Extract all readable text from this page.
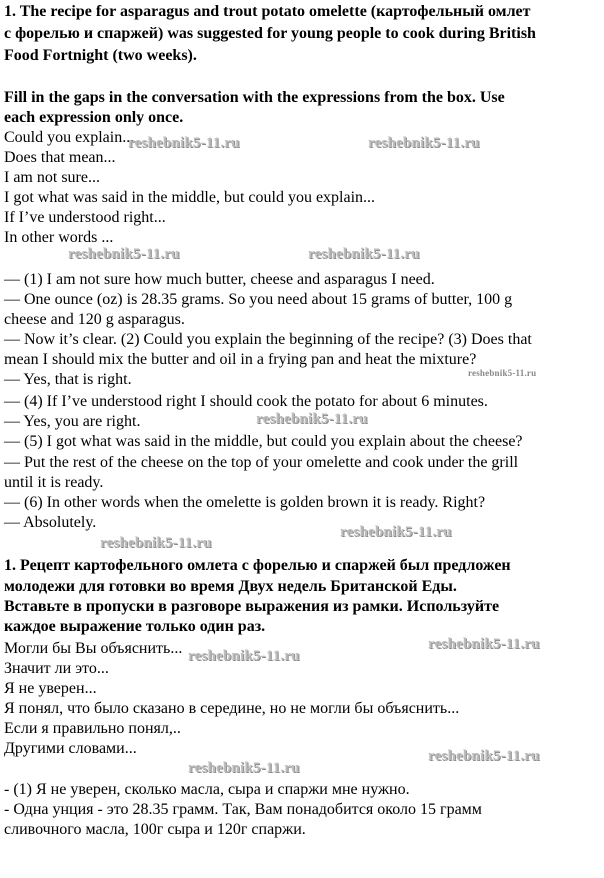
1. The recipe for asparagus and trout potato omelette (картофельный омлет
с форелью и спаржей) was suggested for young people to cook during British
Food Fortnight (two weeks).
Fill in the gaps in the conversation with the expressions from the box. Use
each expression only once.
Could you explain...
Does that mean...
I am not sure...
I got what was said in the middle, but could you explain...
If I’ve understood right...
In other words ...
— (1) I am not sure how much butter, cheese and asparagus I need.
— One ounce (oz) is 28.35 grams. So you need about 15 grams of butter, 100 g
cheese and 120 g asparagus.
— Now it’s clear. (2) Could you explain the beginning of the recipe? (3) Does that
mean I should mix the butter and oil in a frying pan and heat the mixture?
— Yes, that is right.
— (4) If I’ve understood right I should cook the potato for about 6 minutes.
— Yes, you are right.
— (5) I got what was said in the middle, but could you explain about the cheese?
— Put the rest of the cheese on the top of your omelette and cook under the grill
until it is ready.
— (6) In other words when the omelette is golden brown it is ready. Right?
— Absolutely.
1. Рецепт картофельного омлета с форелью и спаржей был предложен
молодежи для готовки во время Двух недель Британской Еды.
Вставьте в пропуски в разговоре выражения из рамки. Используйте
каждое выражение только один раз.
Могли бы Вы объяснить...
Значит ли это...
Я не уверен...
Я понял, что было сказано в середине, но не могли бы объяснить...
Если я правильно понял,..
Другими словами...
- (1) Я не уверен, сколько масла, сыра и спаржи мне нужно.
- Одна унция - это 28.35 грамм. Так, Вам понадобится около 15 грамм
сливочного масла, 100г сыра и 120г спаржи.
reshebnik5-11.ru	reshebnik5-11.ru
reshebnik5-11.ru	reshebnik5-11.ru
reshebnik5-11.ru
reshebnik5-11.ru
reshebnik5-11.ru
reshebnik5-11.ru
reshebnik5-11.ru
reshebnik5-11.ru
reshebnik5-11.ru
reshebnik5-11.ru
